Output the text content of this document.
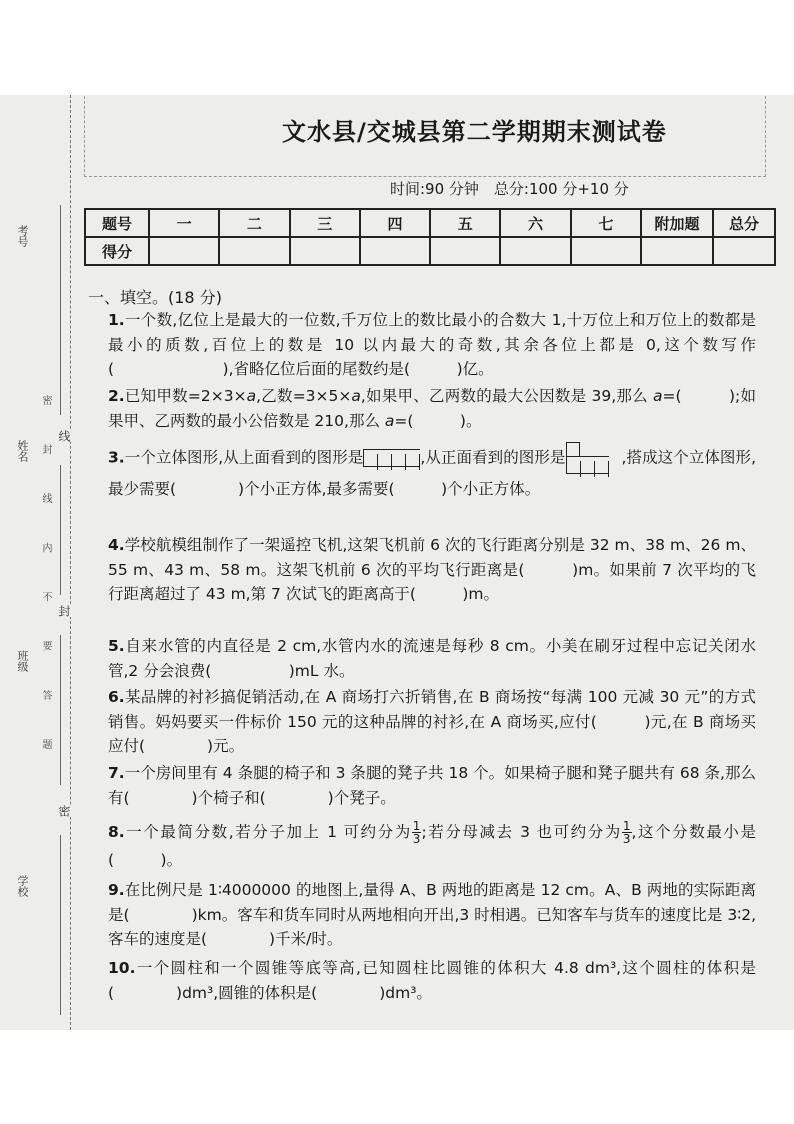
考号
姓名
班级
学校
密 封 线 内 不 要 答 题 线
封
密
文水县/交城县第二学期期末测试卷
时间:90 分钟　总分:100 分+10 分
题号	一	二	三	四	五	六	七	附加题	总分
得分									
一、填空。(18 分)
1.一个数,亿位上是最大的一位数,千万位上的数比最小的合数大 1,十万位上和万位上的数都是最小的质数,百位上的数是 10 以内最大的奇数,其余各位上都是 0,这个数写作(　　　　　　　),省略亿位后面的尾数约是(　　　)亿。
2.已知甲数=2×3×a,乙数=3×5×a,如果甲、乙两数的最大公因数是 39,那么 a=(　　　);如果甲、乙两数的最小公倍数是 210,那么 a=(　　　)。
3.一个立体图形,从上面看到的图形是	,从正面看到的图形是	,搭成这个立体图形,最少需要(　　　　)个小正方体,最多需要(　　　)个小正方体。
4.学校航模组制作了一架遥控飞机,这架飞机前 6 次的飞行距离分别是 32 m、38 m、26 m、55 m、43 m、58 m。这架飞机前 6 次的平均飞行距离是(　　　)m。如果前 7 次平均的飞行距离超过了 43 m,第 7 次试飞的距离高于(　　　)m。
5.自来水管的内直径是 2 cm,水管内水的流速是每秒 8 cm。小美在刷牙过程中忘记关闭水管,2 分会浪费(　　　　　)mL 水。
6.某品牌的衬衫搞促销活动,在 A 商场打六折销售,在 B 商场按“每满 100 元减 30 元”的方式销售。妈妈要买一件标价 150 元的这种品牌的衬衫,在 A 商场买,应付(　　　)元,在 B 商场买应付(　　　　)元。
7.一个房间里有 4 条腿的椅子和 3 条腿的凳子共 18 个。如果椅子腿和凳子腿共有 68 条,那么有(　　　　)个椅子和(　　　　)个凳子。
8.一个最简分数,若分子加上 1 可约分为 $\frac{1}{3}$ ;若分母减去 3 也可约分为 $\frac{1}{3}$ ,这个分数最小是(　　　)。
9.在比例尺是 1∶4000000 的地图上,量得 A、B 两地的距离是 12 cm。A、B 两地的实际距离是(　　　　)km。客车和货车同时从两地相向开出,3 时相遇。已知客车与货车的速度比是 3∶2,客车的速度是(　　　　)千米/时。
10.一个圆柱和一个圆锥等底等高,已知圆柱比圆锥的体积大 4.8 dm³,这个圆柱的体积是(　　　　)dm³,圆锥的体积是(　　　　)dm³。
